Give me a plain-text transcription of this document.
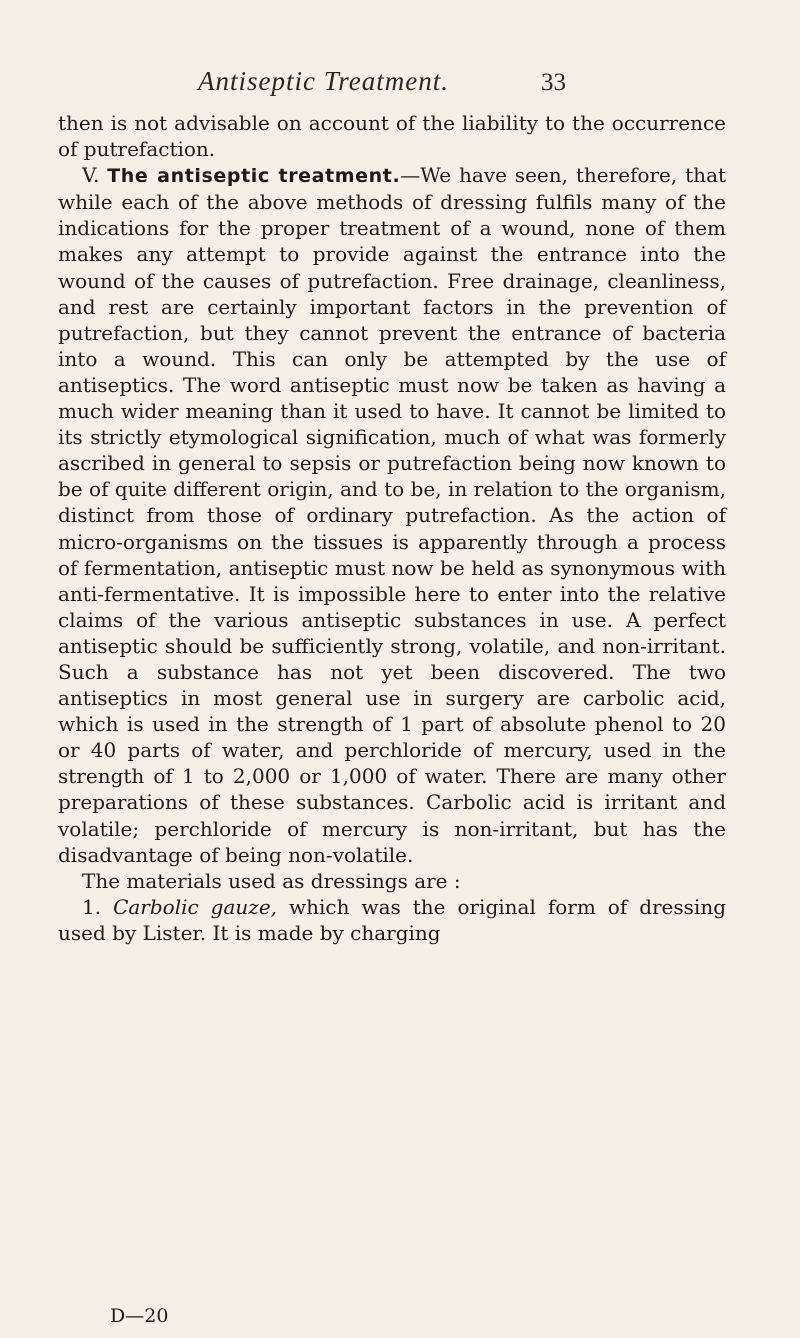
Antiseptic Treatment.	33

then is not advisable on account of the liability to the occurrence of putrefaction.

V. The antiseptic treatment.—We have seen, therefore, that while each of the above methods of dressing fulfils many of the indications for the proper treatment of a wound, none of them makes any attempt to provide against the entrance into the wound of the causes of putrefaction. Free drainage, cleanliness, and rest are certainly important factors in the prevention of putrefaction, but they cannot prevent the entrance of bacteria into a wound. This can only be attempted by the use of antiseptics. The word antiseptic must now be taken as having a much wider meaning than it used to have. It cannot be limited to its strictly etymological signification, much of what was formerly ascribed in general to sepsis or putrefaction being now known to be of quite different origin, and to be, in relation to the organism, distinct from those of ordinary putrefaction. As the action of micro-organisms on the tissues is apparently through a process of fermentation, antiseptic must now be held as synonymous with anti-fermentative. It is impossible here to enter into the relative claims of the various antiseptic substances in use. A perfect antiseptic should be sufficiently strong, volatile, and non-irritant. Such a substance has not yet been discovered. The two antiseptics in most general use in surgery are carbolic acid, which is used in the strength of 1 part of absolute phenol to 20 or 40 parts of water, and perchloride of mercury, used in the strength of 1 to 2,000 or 1,000 of water. There are many other preparations of these substances. Carbolic acid is irritant and volatile; perchloride of mercury is non-irritant, but has the disadvantage of being non-volatile.

The materials used as dressings are :

1. Carbolic gauze, which was the original form of dressing used by Lister. It is made by charging

D—20
